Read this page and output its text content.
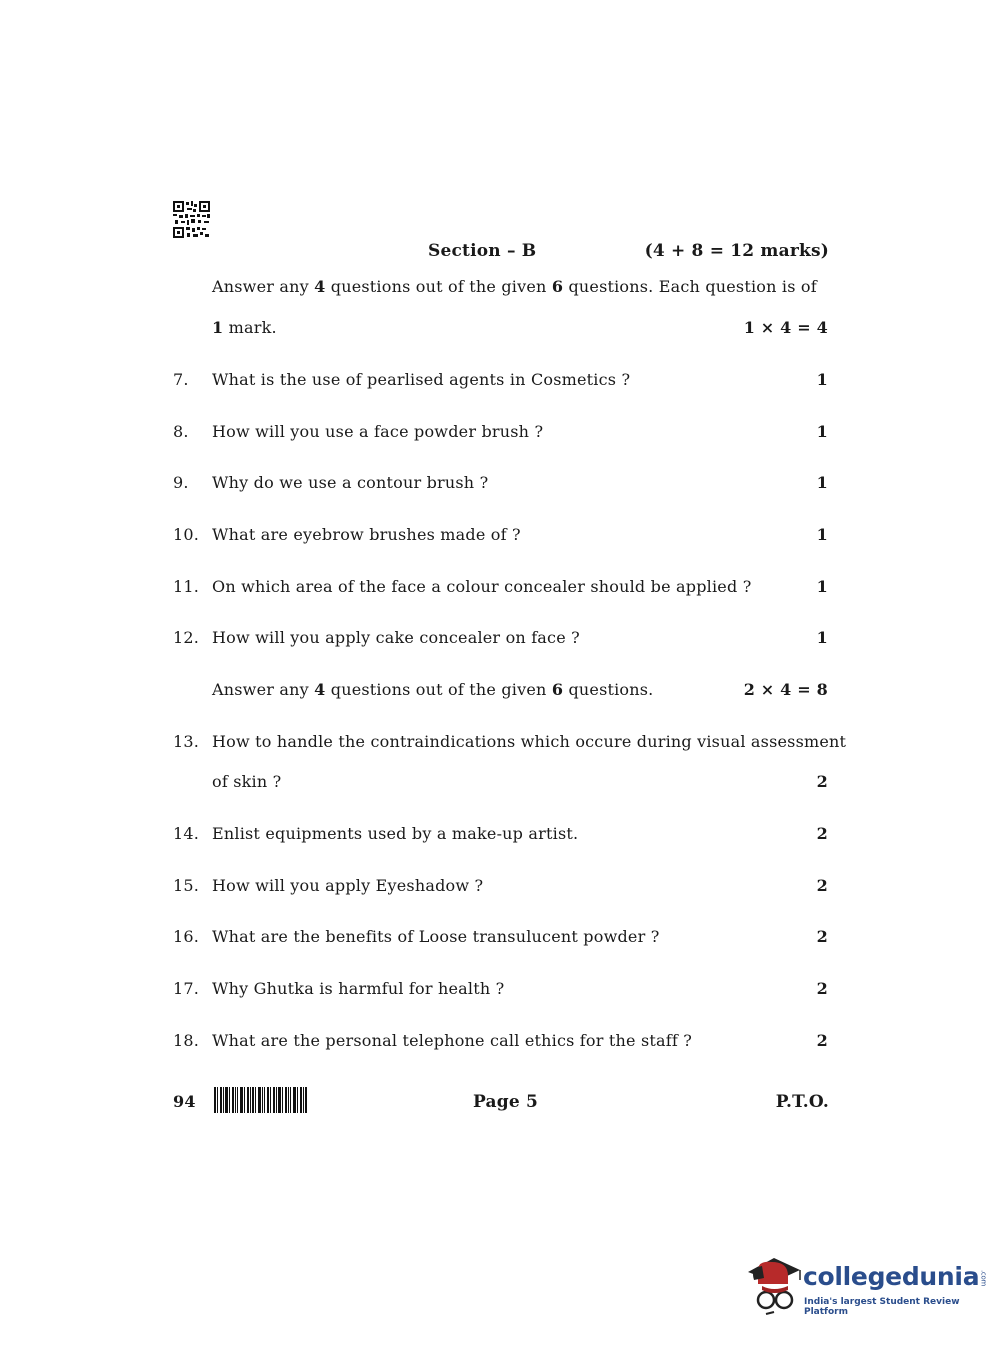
Section – B	(4 + 8 = 12 marks)
Answer any 4 questions out of the given 6 questions. Each question is of
1 mark.	1 × 4 = 4
7. What is the use of pearlised agents in Cosmetics ?	1
8. How will you use a face powder brush ?	1
9. Why do we use a contour brush ?	1
10. What are eyebrow brushes made of ?	1
11. On which area of the face a colour concealer should be applied ?	1
12. How will you apply cake concealer on face ?	1
Answer any 4 questions out of the given 6 questions.	2 × 4 = 8
13. How to handle the contraindications which occure during visual assessment
of skin ?	2
14. Enlist equipments used by a make-up artist.	2
15. How will you apply Eyeshadow ?	2
16. What are the benefits of Loose transulucent powder ?	2
17. Why Ghutka is harmful for health ?	2
18. What are the personal telephone call ethics for the staff ?	2
94	Page 5	P.T.O.
collegedunia.com
India's largest Student Review Platform
